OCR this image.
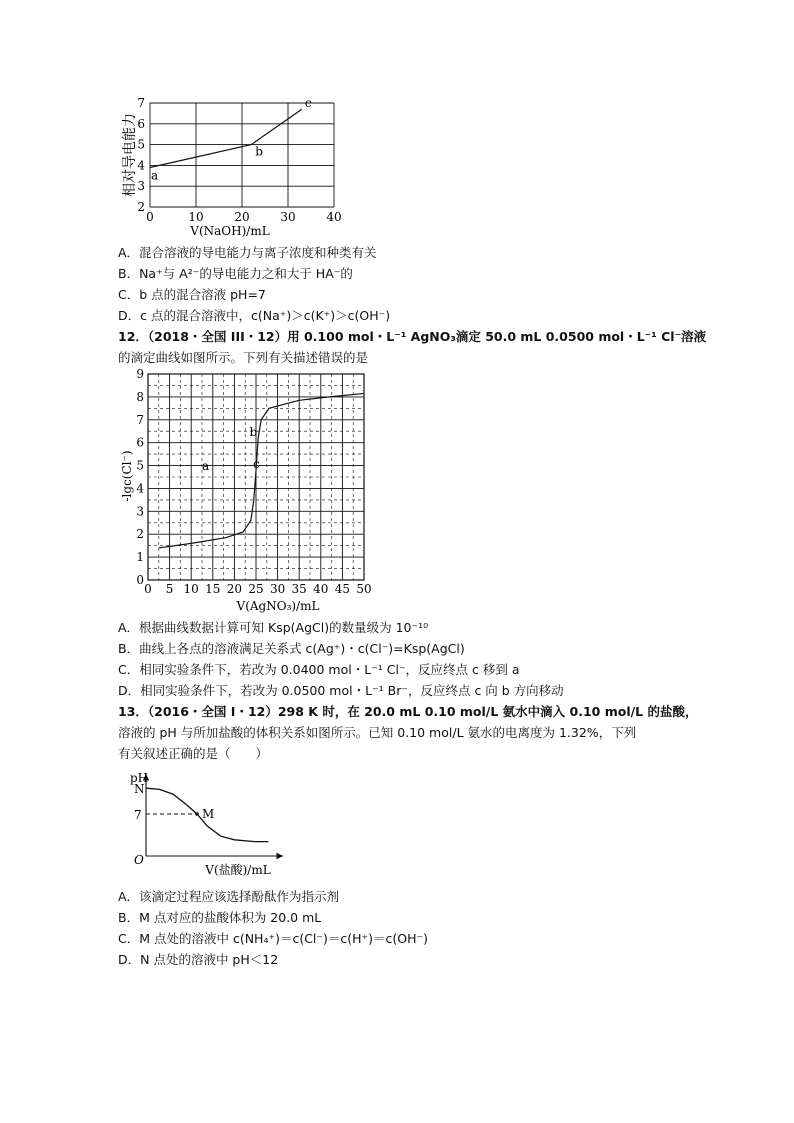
相对导电能力
0	10	20	30	40
2
3
4
5
6
7
a
b
c
V(NaOH)/mL
A．混合溶液的导电能力与离子浓度和种类有关
B．Na⁺与 A²⁻的导电能力之和大于 HA⁻的
C．b 点的混合溶液 pH=7
D．c 点的混合溶液中，c(Na⁺)＞c(K⁺)＞c(OH⁻)
12．（2018・全国 III・12）用 0.100 mol・L⁻¹ AgNO₃滴定 50.0 mL 0.0500 mol・L⁻¹ Cl⁻溶液
的滴定曲线如图所示。下列有关描述错误的是
-lgc(Cl⁻)
0 5 10 15 20 25 30 35 40 45 50
0
1
2
3
4
5
6
7
8
9
a
b
c
V(AgNO₃)/mL
A．根据曲线数据计算可知 Ksp(AgCl)的数量级为 10⁻¹⁰
B．曲线上各点的溶液满足关系式 c(Ag⁺)・c(Cl⁻)=Ksp(AgCl)
C．相同实验条件下，若改为 0.0400 mol・L⁻¹ Cl⁻，反应终点 c 移到 a
D．相同实验条件下，若改为 0.0500 mol・L⁻¹ Br⁻，反应终点 c 向 b 方向移动
13．（2016・全国 I・12）298 K 时，在 20.0 mL 0.10 mol/L 氨水中滴入 0.10 mol/L 的盐酸，
溶液的 pH 与所加盐酸的体积关系如图所示。已知 0.10 mol/L 氨水的电离度为 1.32%，下列
有关叙述正确的是（　　）
pH
O
V(盐酸)/mL
N
M
7
A．该滴定过程应该选择酚酞作为指示剂
B．M 点对应的盐酸体积为 20.0 mL
C．M 点处的溶液中 c(NH₄⁺)＝c(Cl⁻)＝c(H⁺)＝c(OH⁻)
D．N 点处的溶液中 pH＜12
